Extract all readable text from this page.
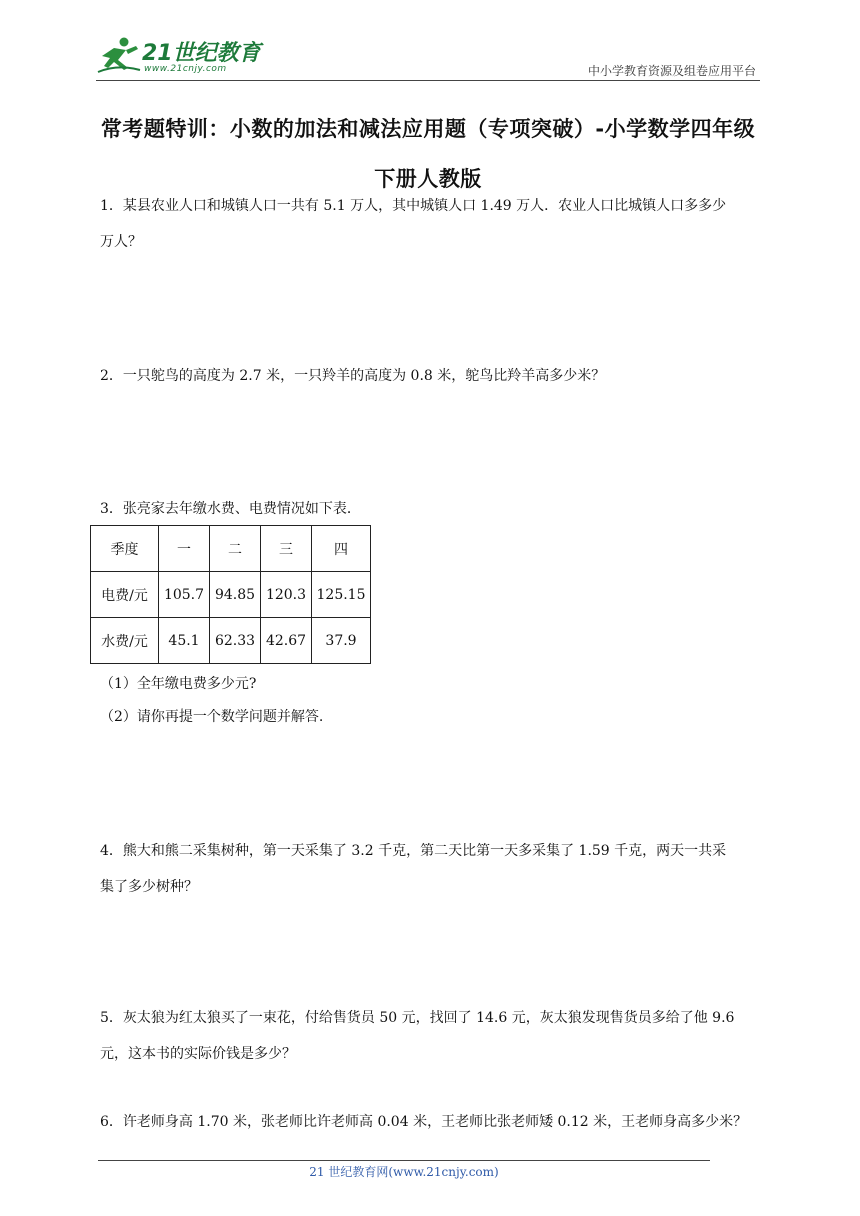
21世纪教育
www.21cnjy.com	中小学教育资源及组卷应用平台
常考题特训：小数的加法和减法应用题（专项突破）-小学数学四年级
下册人教版

1．某县农业人口和城镇人口一共有 5.1 万人，其中城镇人口 1.49 万人．农业人口比城镇人口多多少

万人？

2．一只鸵鸟的高度为 2.7 米，一只羚羊的高度为 0.8 米，鸵鸟比羚羊高多少米？

3．张亮家去年缴水费、电费情况如下表．

季度	一	二	三	四
电费/元	105.7	94.85	120.3	125.15
水费/元	45.1	62.33	42.67	37.9
（1）全年缴电费多少元?
（2）请你再提一个数学问题并解答.

4．熊大和熊二采集树种，第一天采集了 3.2 千克，第二天比第一天多采集了 1.59 千克，两天一共采

集了多少树种？

5．灰太狼为红太狼买了一束花，付给售货员 50 元，找回了 14.6 元，灰太狼发现售货员多给了他 9.6

元，这本书的实际价钱是多少？

6．许老师身高 1.70 米，张老师比许老师高 0.04 米，王老师比张老师矮 0.12 米，王老师身高多少米？

21 世纪教育网(www.21cnjy.com)
